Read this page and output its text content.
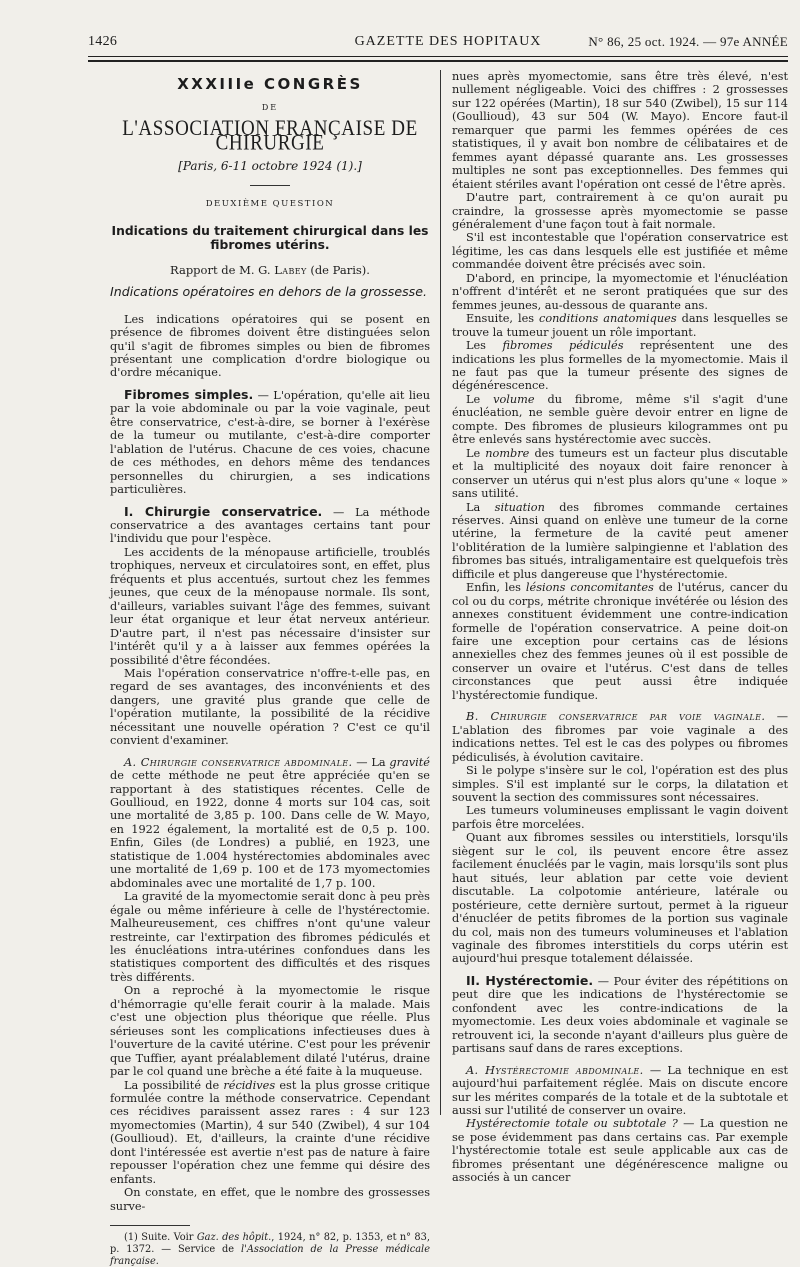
1426	GAZETTE DES HOPITAUX	N° 86, 25 oct. 1924. — 97e ANNÉE

XXXIIIe CONGRÈS

DE

L'ASSOCIATION FRANÇAISE DE CHIRURGIE

[Paris, 6-11 octobre 1924 (1).]

DEUXIÈME QUESTION

Indications du traitement chirurgical dans les fibromes utérins.

Rapport de M. G. Labey (de Paris).

Indications opératoires en dehors de la grossesse.

Les indications opératoires qui se posent en présence de fibromes doivent être distinguées selon qu'il s'agit de fibromes simples ou bien de fibromes présentant une complication d'ordre biologique ou d'ordre mécanique.

Fibromes simples. — L'opération, qu'elle ait lieu par la voie abdominale ou par la voie vaginale, peut être conservatrice, c'est-à-dire, se borner à l'exérèse de la tumeur ou mutilante, c'est-à-dire comporter l'ablation de l'utérus. Chacune de ces voies, chacune de ces méthodes, en dehors même des tendances personnelles du chirurgien, a ses indications particulières.

I. Chirurgie conservatrice. — La méthode conservatrice a des avantages certains tant pour l'individu que pour l'espèce.

Les accidents de la ménopause artificielle, troublés trophiques, nerveux et circulatoires sont, en effet, plus fréquents et plus accentués, surtout chez les femmes jeunes, que ceux de la ménopause normale. Ils sont, d'ailleurs, variables suivant l'âge des femmes, suivant leur état organique et leur état nerveux antérieur. D'autre part, il n'est pas nécessaire d'insister sur l'intérêt qu'il y a à laisser aux femmes opérées la possibilité d'être fécondées.

Mais l'opération conservatrice n'offre-t-elle pas, en regard de ses avantages, des inconvénients et des dangers, une gravité plus grande que celle de l'opération mutilante, la possibilité de la récidive nécessitant une nouvelle opération ? C'est ce qu'il convient d'examiner.

A. Chirurgie conservatrice abdominale. — La gravité de cette méthode ne peut être appréciée qu'en se rapportant à des statistiques récentes. Celle de Goullioud, en 1922, donne 4 morts sur 104 cas, soit une mortalité de 3,85 p. 100. Dans celle de W. Mayo, en 1922 également, la mortalité est de 0,5 p. 100. Enfin, Giles (de Londres) a publié, en 1923, une statistique de 1.004 hystérectomies abdominales avec une mortalité de 1,69 p. 100 et de 173 myomectomies abdominales avec une mortalité de 1,7 p. 100.

La gravité de la myomectomie serait donc à peu près égale ou même inférieure à celle de l'hystérectomie. Malheureusement, ces chiffres n'ont qu'une valeur restreinte, car l'extirpation des fibromes pédiculés et les énucléations intra-utérines confondues dans les statistiques comportent des difficultés et des risques très différents.

On a reproché à la myomectomie le risque d'hémorragie qu'elle ferait courir à la malade. Mais c'est une objection plus théorique que réelle. Plus sérieuses sont les complications infectieuses dues à l'ouverture de la cavité utérine. C'est pour les prévenir que Tuffier, ayant préalablement dilaté l'utérus, draine par le col quand une brèche a été faite à la muqueuse.

La possibilité de récidives est la plus grosse critique formulée contre la méthode conservatrice. Cependant ces récidives paraissent assez rares : 4 sur 123 myomectomies (Martin), 4 sur 540 (Zwibel), 4 sur 104 (Goullioud). Et, d'ailleurs, la crainte d'une récidive dont l'intéressée est avertie n'est pas de nature à faire repousser l'opération chez une femme qui désire des enfants.

On constate, en effet, que le nombre des grossesses surve-

(1) Suite. Voir Gaz. des hôpit., 1924, n° 82, p. 1353, et n° 83, p. 1372. — Service de l'Association de la Presse médicale française.

nues après myomectomie, sans être très élevé, n'est nullement négligeable. Voici des chiffres : 2 grossesses sur 122 opérées (Martin), 18 sur 540 (Zwibel), 15 sur 114 (Goullioud), 43 sur 504 (W. Mayo). Encore faut-il remarquer que parmi les femmes opérées de ces statistiques, il y avait bon nombre de célibataires et de femmes ayant dépassé quarante ans. Les grossesses multiples ne sont pas exceptionnelles. Des femmes qui étaient stériles avant l'opération ont cessé de l'être après.

D'autre part, contrairement à ce qu'on aurait pu craindre, la grossesse après myomectomie se passe généralement d'une façon tout à fait normale.

S'il est incontestable que l'opération conservatrice est légitime, les cas dans lesquels elle est justifiée et même commandée doivent être précisés avec soin.

D'abord, en principe, la myomectomie et l'énucléation n'offrent d'intérêt et ne seront pratiquées que sur des femmes jeunes, au-dessous de quarante ans.

Ensuite, les conditions anatomiques dans lesquelles se trouve la tumeur jouent un rôle important.

Les fibromes pédiculés représentent une des indications les plus formelles de la myomectomie. Mais il ne faut pas que la tumeur présente des signes de dégénérescence.

Le volume du fibrome, même s'il s'agit d'une énucléation, ne semble guère devoir entrer en ligne de compte. Des fibromes de plusieurs kilogrammes ont pu être enlevés sans hystérectomie avec succès.

Le nombre des tumeurs est un facteur plus discutable et la multiplicité des noyaux doit faire renoncer à conserver un utérus qui n'est plus alors qu'une « loque » sans utilité.

La situation des fibromes commande certaines réserves. Ainsi quand on enlève une tumeur de la corne utérine, la fermeture de la cavité peut amener l'oblitération de la lumière salpingienne et l'ablation des fibromes bas situés, intraligamentaire est quelquefois très difficile et plus dangereuse que l'hystérectomie.

Enfin, les lésions concomitantes de l'utérus, cancer du col ou du corps, métrite chronique invétérée ou lésion des annexes constituent évidemment une contre-indication formelle de l'opération conservatrice. A peine doit-on faire une exception pour certains cas de lésions annexielles chez des femmes jeunes où il est possible de conserver un ovaire et l'utérus. C'est dans de telles circonstances que peut aussi être indiquée l'hystérectomie fundique.

B. Chirurgie conservatrice par voie vaginale. — L'ablation des fibromes par voie vaginale a des indications nettes. Tel est le cas des polypes ou fibromes pédiculisés, à évolution cavitaire.

Si le polype s'insère sur le col, l'opération est des plus simples. S'il est implanté sur le corps, la dilatation et souvent la section des commissures sont nécessaires.

Les tumeurs volumineuses emplissant le vagin doivent parfois être morcelées.

Quant aux fibromes sessiles ou interstitiels, lorsqu'ils siègent sur le col, ils peuvent encore être assez facilement énucléés par le vagin, mais lorsqu'ils sont plus haut situés, leur ablation par cette voie devient discutable. La colpotomie antérieure, latérale ou postérieure, cette dernière surtout, permet à la rigueur d'énucléer de petits fibromes de la portion sus vaginale du col, mais non des tumeurs volumineuses et l'ablation vaginale des fibromes interstitiels du corps utérin est aujourd'hui presque totalement délaissée.

II. Hystérectomie. — Pour éviter des répétitions on peut dire que les indications de l'hystérectomie se confondent avec les contre-indications de la myomectomie. Les deux voies abdominale et vaginale se retrouvent ici, la seconde n'ayant d'ailleurs plus guère de partisans sauf dans de rares exceptions.

A. Hystérectomie abdominale. — La technique en est aujourd'hui parfaitement réglée. Mais on discute encore sur les mérites comparés de la totale et de la subtotale et aussi sur l'utilité de conserver un ovaire.

Hystérectomie totale ou subtotale ? — La question ne se pose évidemment pas dans certains cas. Par exemple l'hystérectomie totale est seule applicable aux cas de fibromes présentant une dégénérescence maligne ou associés à un cancer
